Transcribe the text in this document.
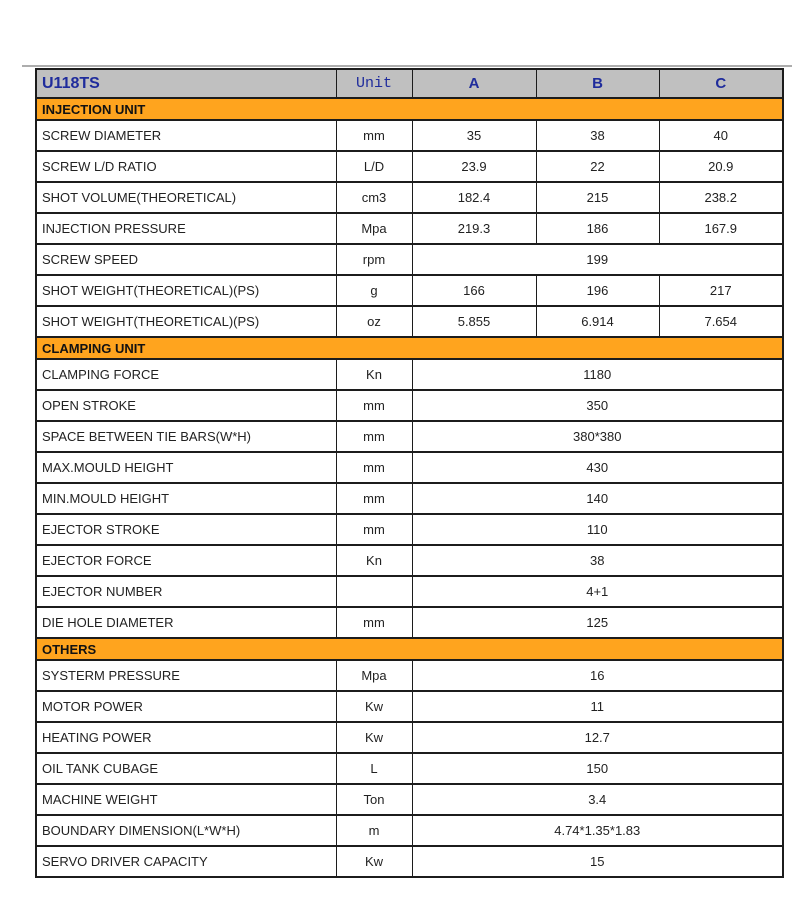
U118TS	Unit	A	B	C
INJECTION UNIT				
SCREW DIAMETER	mm	35	38	40
SCREW L/D RATIO	L/D	23.9	22	20.9
SHOT VOLUME(THEORETICAL)	cm3	182.4	215	238.2
INJECTION PRESSURE	Mpa	219.3	186	167.9
SCREW SPEED	rpm	199		
SHOT WEIGHT(THEORETICAL)(PS)	g	166	196	217
SHOT WEIGHT(THEORETICAL)(PS)	oz	5.855	6.914	7.654
CLAMPING UNIT				
CLAMPING FORCE	Kn	1180		
OPEN STROKE	mm	350		
SPACE BETWEEN TIE BARS(W*H)	mm	380*380		
MAX.MOULD HEIGHT	mm	430		
MIN.MOULD HEIGHT	mm	140		
EJECTOR STROKE	mm	110		
EJECTOR FORCE	Kn	38		
EJECTOR NUMBER		4+1		
DIE HOLE DIAMETER	mm	125		
OTHERS				
SYSTERM PRESSURE	Mpa	16		
MOTOR POWER	Kw	11		
HEATING POWER	Kw	12.7		
OIL TANK CUBAGE	L	150		
MACHINE WEIGHT	Ton	3.4		
BOUNDARY DIMENSION(L*W*H)	m	4.74*1.35*1.83		
SERVO DRIVER CAPACITY	Kw	15		
